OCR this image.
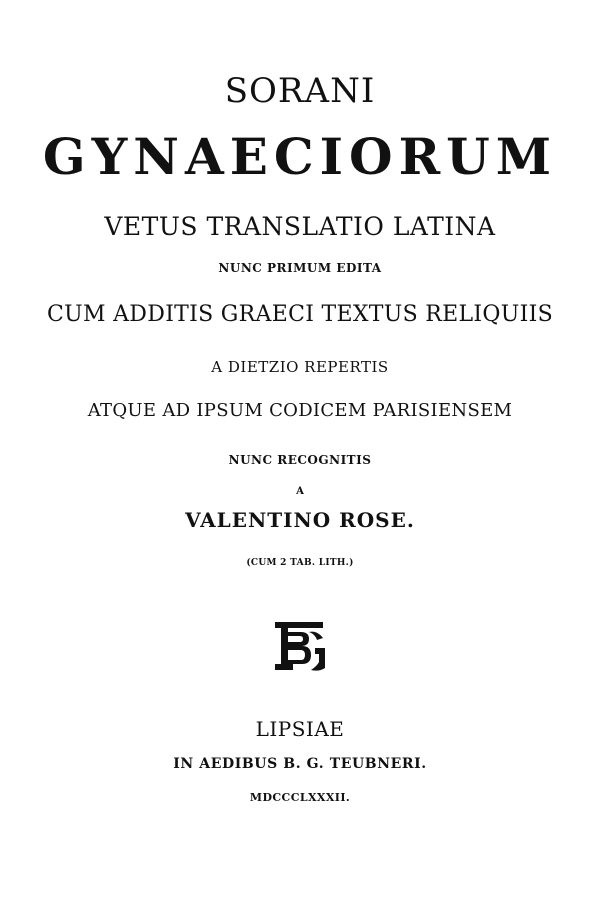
SORANI
GYNAECIORUM
VETUS TRANSLATIO LATINA
NUNC PRIMUM EDITA
CUM ADDITIS GRAECI TEXTUS RELIQUIIS
A DIETZIO REPERTIS
ATQUE AD IPSUM CODICEM PARISIENSEM
NUNC RECOGNITIS
A
VALENTINO ROSE.
(CUM 2 TAB. LITH.)
LIPSIAE
IN AEDIBUS B. G. TEUBNERI.
MDCCCLXXXII.
